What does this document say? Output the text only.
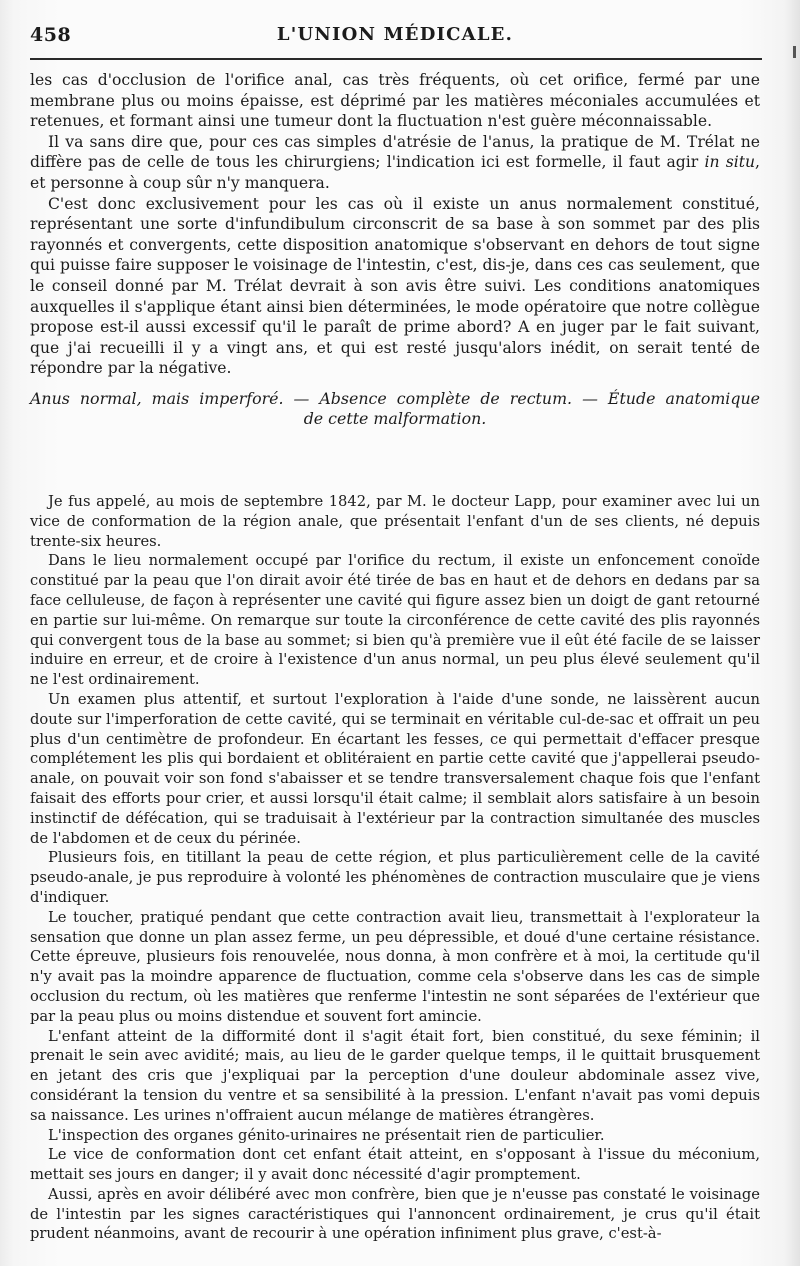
458	L'UNION MÉDICALE.

les cas d'occlusion de l'orifice anal, cas très fréquents, où cet orifice, fermé par une membrane plus ou moins épaisse, est déprimé par les matières méconiales accumulées et retenues, et formant ainsi une tumeur dont la fluctuation n'est guère méconnaissable.

Il va sans dire que, pour ces cas simples d'atrésie de l'anus, la pratique de M. Trélat ne diffère pas de celle de tous les chirurgiens; l'indication ici est formelle, il faut agir in situ, et personne à coup sûr n'y manquera.

C'est donc exclusivement pour les cas où il existe un anus normalement constitué, représentant une sorte d'infundibulum circonscrit de sa base à son sommet par des plis rayonnés et convergents, cette disposition anatomique s'observant en dehors de tout signe qui puisse faire supposer le voisinage de l'intestin, c'est, dis-je, dans ces cas seulement, que le conseil donné par M. Trélat devrait à son avis être suivi. Les conditions anatomiques auxquelles il s'applique étant ainsi bien déterminées, le mode opératoire que notre collègue propose est-il aussi excessif qu'il le paraît de prime abord? A en juger par le fait suivant, que j'ai recueilli il y a vingt ans, et qui est resté jusqu'alors inédit, on serait tenté de répondre par la négative.

Anus normal, mais imperforé. — Absence complète de rectum. — Étude anatomique
de cette malformation.

Je fus appelé, au mois de septembre 1842, par M. le docteur Lapp, pour examiner avec lui un vice de conformation de la région anale, que présentait l'enfant d'un de ses clients, né depuis trente-six heures.

Dans le lieu normalement occupé par l'orifice du rectum, il existe un enfoncement conoïde constitué par la peau que l'on dirait avoir été tirée de bas en haut et de dehors en dedans par sa face celluleuse, de façon à représenter une cavité qui figure assez bien un doigt de gant retourné en partie sur lui-même. On remarque sur toute la circonférence de cette cavité des plis rayonnés qui convergent tous de la base au sommet; si bien qu'à première vue il eût été facile de se laisser induire en erreur, et de croire à l'existence d'un anus normal, un peu plus élevé seulement qu'il ne l'est ordinairement.

Un examen plus attentif, et surtout l'exploration à l'aide d'une sonde, ne laissèrent aucun doute sur l'imperforation de cette cavité, qui se terminait en véritable cul-de-sac et offrait un peu plus d'un centimètre de profondeur. En écartant les fesses, ce qui permettait d'effacer presque complétement les plis qui bordaient et oblitéraient en partie cette cavité que j'appellerai pseudo-anale, on pouvait voir son fond s'abaisser et se tendre transversalement chaque fois que l'enfant faisait des efforts pour crier, et aussi lorsqu'il était calme; il semblait alors satisfaire à un besoin instinctif de défécation, qui se traduisait à l'extérieur par la contraction simultanée des muscles de l'abdomen et de ceux du périnée.

Plusieurs fois, en titillant la peau de cette région, et plus particulièrement celle de la cavité pseudo-anale, je pus reproduire à volonté les phénomènes de contraction musculaire que je viens d'indiquer.

Le toucher, pratiqué pendant que cette contraction avait lieu, transmettait à l'explorateur la sensation que donne un plan assez ferme, un peu dépressible, et doué d'une certaine résistance. Cette épreuve, plusieurs fois renouvelée, nous donna, à mon confrère et à moi, la certitude qu'il n'y avait pas la moindre apparence de fluctuation, comme cela s'observe dans les cas de simple occlusion du rectum, où les matières que renferme l'intestin ne sont séparées de l'extérieur que par la peau plus ou moins distendue et souvent fort amincie.

L'enfant atteint de la difformité dont il s'agit était fort, bien constitué, du sexe féminin; il prenait le sein avec avidité; mais, au lieu de le garder quelque temps, il le quittait brusquement en jetant des cris que j'expliquai par la perception d'une douleur abdominale assez vive, considérant la tension du ventre et sa sensibilité à la pression. L'enfant n'avait pas vomi depuis sa naissance. Les urines n'offraient aucun mélange de matières étrangères.

L'inspection des organes génito-urinaires ne présentait rien de particulier.

Le vice de conformation dont cet enfant était atteint, en s'opposant à l'issue du méconium, mettait ses jours en danger; il y avait donc nécessité d'agir promptement.

Aussi, après en avoir délibéré avec mon confrère, bien que je n'eusse pas constaté le voisinage de l'intestin par les signes caractéristiques qui l'annoncent ordinairement, je crus qu'il était prudent néanmoins, avant de recourir à une opération infiniment plus grave, c'est-à-
